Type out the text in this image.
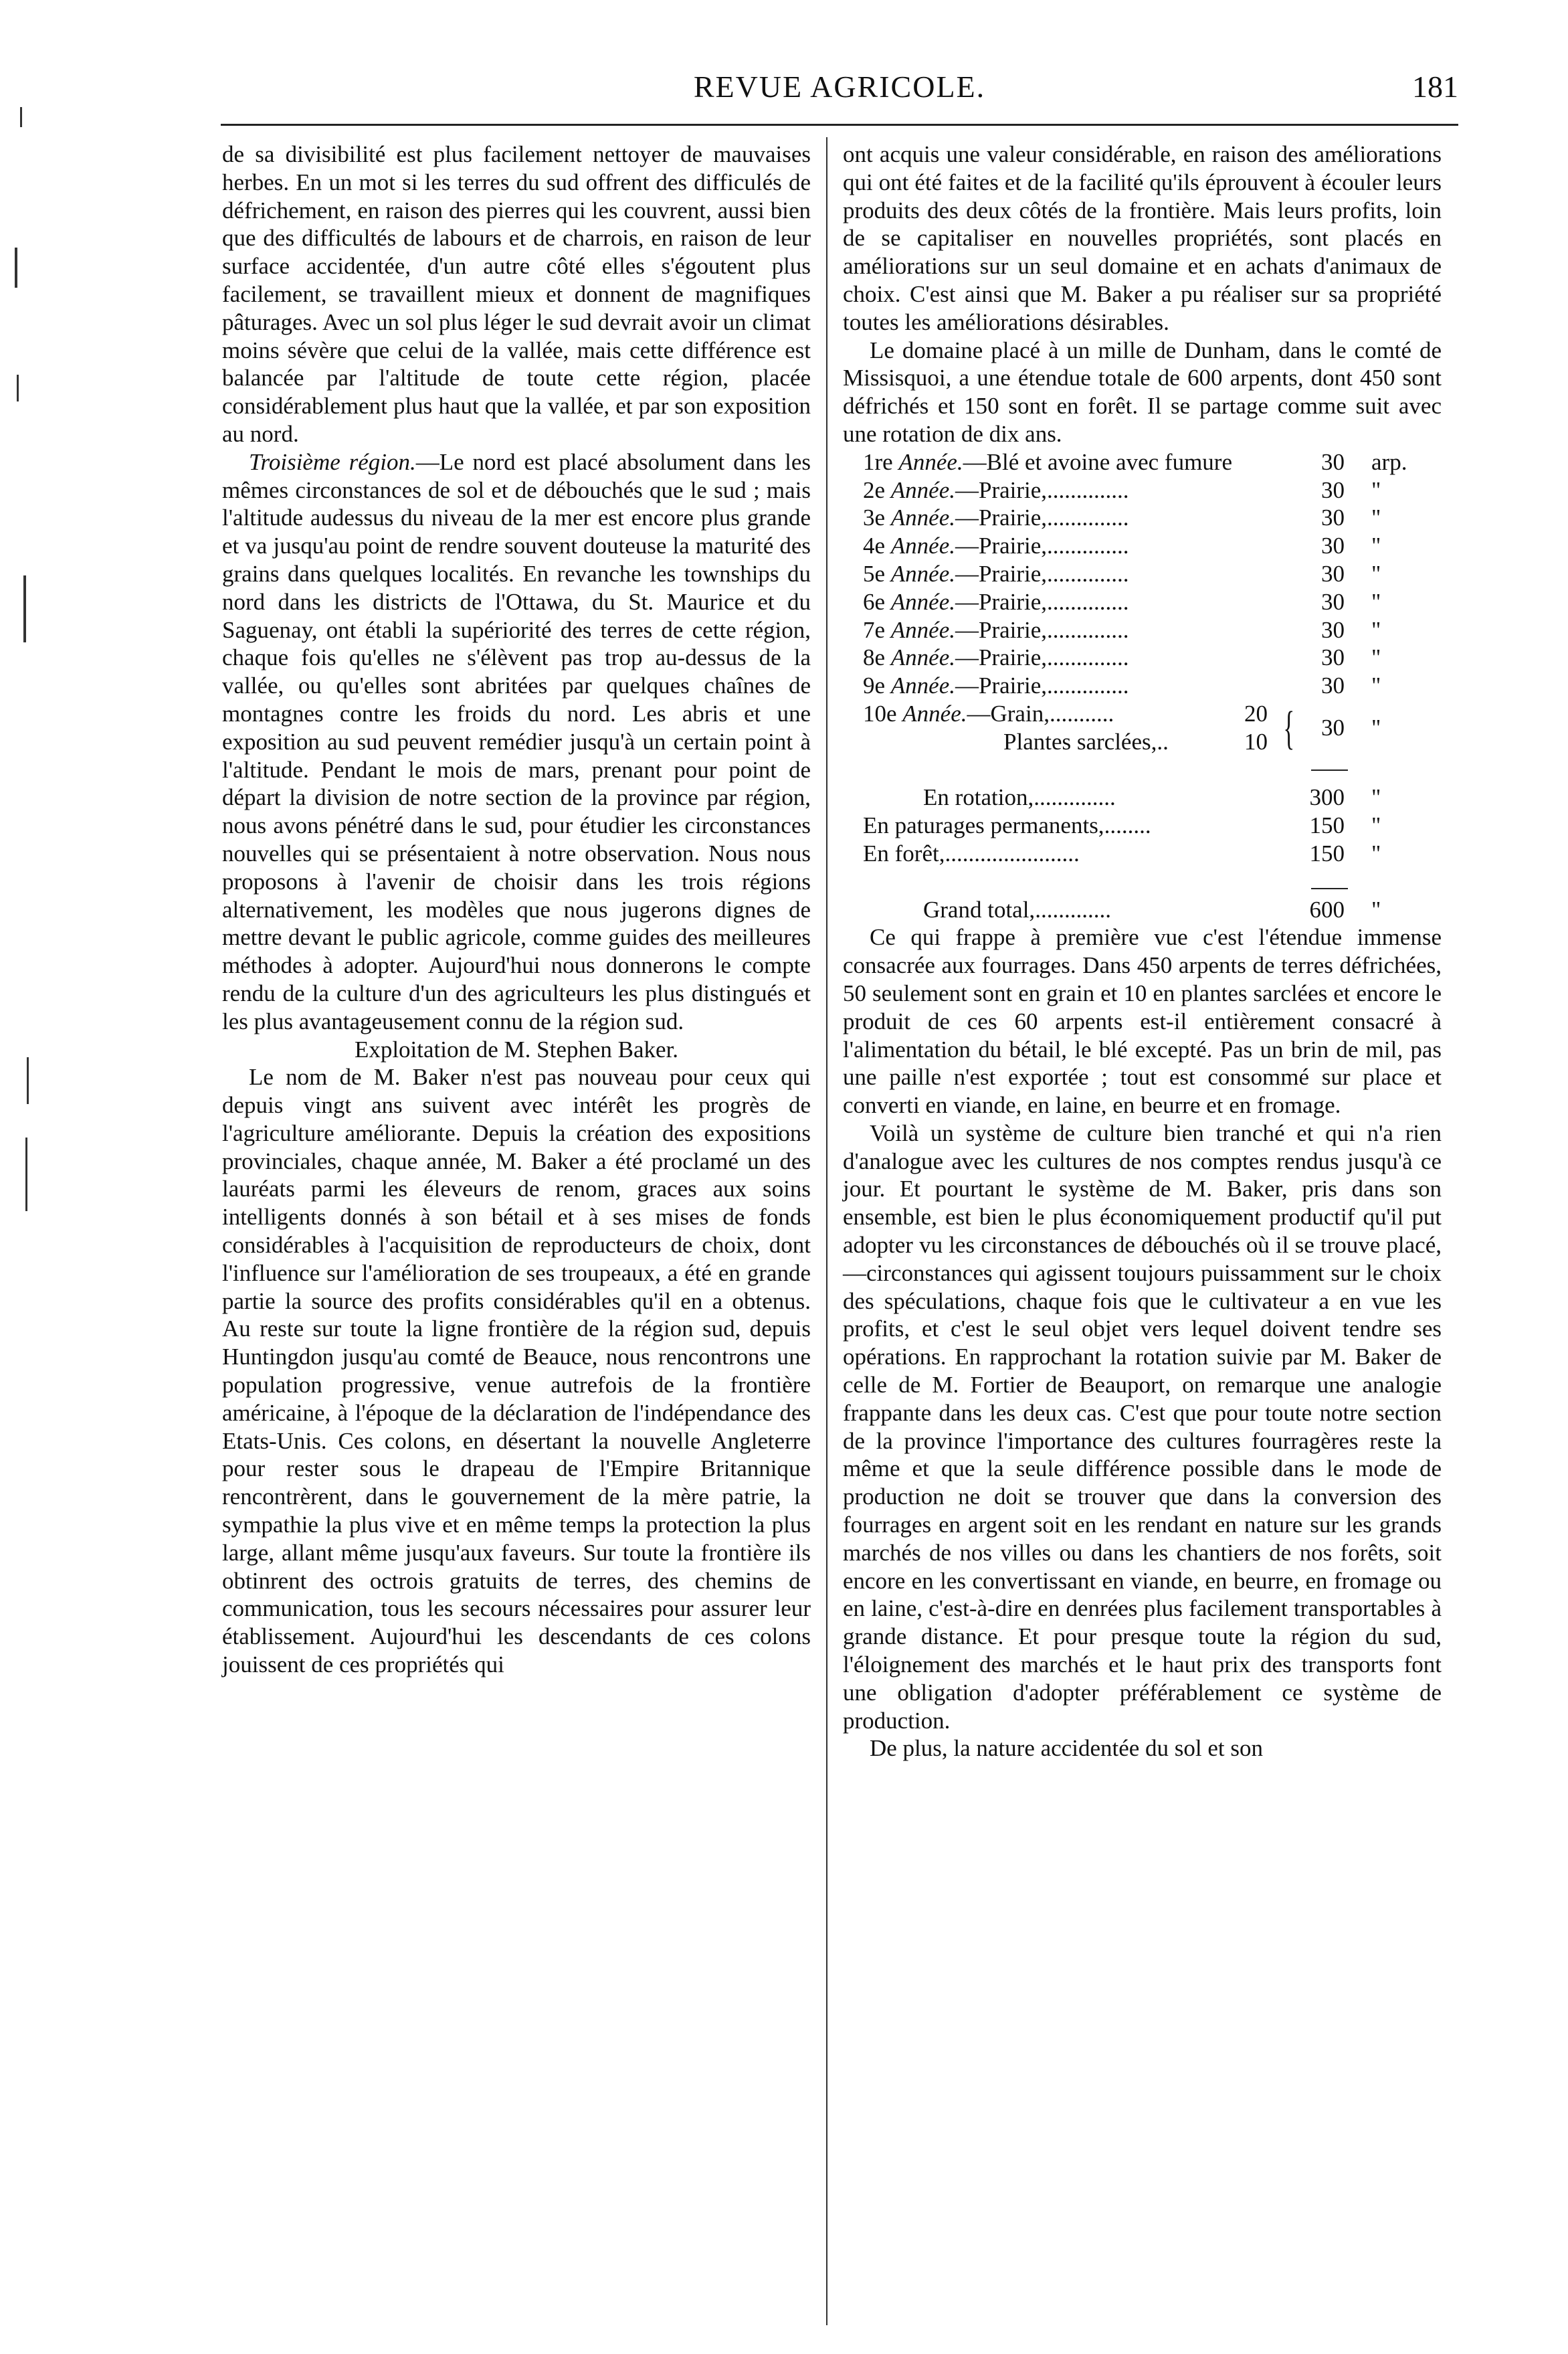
REVUE AGRICOLE.	181

de sa divisibilité est plus facilement nettoyer de mauvaises herbes. En un mot si les terres du sud offrent des difficulés de défrichement, en raison des pierres qui les couvrent, aussi bien que des difficultés de labours et de charrois, en raison de leur surface accidentée, d'un autre côté elles s'égoutent plus facilement, se travaillent mieux et donnent de magnifiques pâturages. Avec un sol plus léger le sud devrait avoir un climat moins sévère que celui de la vallée, mais cette différence est balancée par l'altitude de toute cette région, placée considérablement plus haut que la vallée, et par son exposition au nord.

Troisième région.—Le nord est placé absolument dans les mêmes circonstances de sol et de débouchés que le sud ; mais l'altitude audessus du niveau de la mer est encore plus grande et va jusqu'au point de rendre souvent douteuse la maturité des grains dans quelques localités. En revanche les townships du nord dans les districts de l'Ottawa, du St. Maurice et du Saguenay, ont établi la supériorité des terres de cette région, chaque fois qu'elles ne s'élèvent pas trop au-dessus de la vallée, ou qu'elles sont abritées par quelques chaînes de montagnes contre les froids du nord. Les abris et une exposition au sud peuvent remédier jusqu'à un certain point à l'altitude. Pendant le mois de mars, prenant pour point de départ la division de notre section de la province par région, nous avons pénétré dans le sud, pour étudier les circonstances nouvelles qui se présentaient à notre observation. Nous nous proposons à l'avenir de choisir dans les trois régions alternativement, les modèles que nous jugerons dignes de mettre devant le public agricole, comme guides des meilleures méthodes à adopter. Aujourd'hui nous donnerons le compte rendu de la culture d'un des agriculteurs les plus distingués et les plus avantageusement connu de la région sud.

Exploitation de M. Stephen Baker.

Le nom de M. Baker n'est pas nouveau pour ceux qui depuis vingt ans suivent avec intérêt les progrès de l'agriculture améliorante. Depuis la création des expositions provinciales, chaque année, M. Baker a été proclamé un des lauréats parmi les éleveurs de renom, graces aux soins intelligents donnés à son bétail et à ses mises de fonds considérables à l'acquisition de reproducteurs de choix, dont l'influence sur l'amélioration de ses troupeaux, a été en grande partie la source des profits considérables qu'il en a obtenus. Au reste sur toute la ligne frontière de la région sud, depuis Huntingdon jusqu'au comté de Beauce, nous rencontrons une population progressive, venue autrefois de la frontière américaine, à l'époque de la déclaration de l'indépendance des Etats-Unis. Ces colons, en désertant la nouvelle Angleterre pour rester sous le drapeau de l'Empire Britannique rencontrèrent, dans le gouvernement de la mère patrie, la sympathie la plus vive et en même temps la protection la plus large, allant même jusqu'aux faveurs. Sur toute la frontière ils obtinrent des octrois gratuits de terres, des chemins de communication, tous les secours nécessaires pour assurer leur établissement. Aujourd'hui les descendants de ces colons jouissent de ces propriétés qui

ont acquis une valeur considérable, en raison des améliorations qui ont été faites et de la facilité qu'ils éprouvent à écouler leurs produits des deux côtés de la frontière. Mais leurs profits, loin de se capitaliser en nouvelles propriétés, sont placés en améliorations sur un seul domaine et en achats d'animaux de choix. C'est ainsi que M. Baker a pu réaliser sur sa propriété toutes les améliorations désirables.

Le domaine placé à un mille de Dunham, dans le comté de Missisquoi, a une étendue totale de 600 arpents, dont 450 sont défrichés et 150 sont en forêt. Il se partage comme suit avec une rotation de dix ans.

1re Année.—Blé et avoine avec fumure	30 arp.
2e Année.—Prairie,..............	30 "
3e Année.—Prairie,..............	30 "
4e Année.—Prairie,..............	30 "
5e Année.—Prairie,..............	30 "
6e Année.—Prairie,..............	30 "
7e Année.—Prairie,..............	30 "
8e Année.—Prairie,..............	30 "
9e Année.—Prairie,..............	30 "
10e Année.—Grain,...........	20
Plantes sarclées,..	10 {	30 "
En rotation,..............	300 "
En paturages permanents,........	150 "
En forêt,.......................	150 "
Grand total,.............	600 "

Ce qui frappe à première vue c'est l'étendue immense consacrée aux fourrages. Dans 450 arpents de terres défrichées, 50 seulement sont en grain et 10 en plantes sarclées et encore le produit de ces 60 arpents est-il entièrement consacré à l'alimentation du bétail, le blé excepté. Pas un brin de mil, pas une paille n'est exportée ; tout est consommé sur place et converti en viande, en laine, en beurre et en fromage.

Voilà un système de culture bien tranché et qui n'a rien d'analogue avec les cultures de nos comptes rendus jusqu'à ce jour. Et pourtant le système de M. Baker, pris dans son ensemble, est bien le plus économiquement productif qu'il put adopter vu les circonstances de débouchés où il se trouve placé,—circonstances qui agissent toujours puissamment sur le choix des spéculations, chaque fois que le cultivateur a en vue les profits, et c'est le seul objet vers lequel doivent tendre ses opérations. En rapprochant la rotation suivie par M. Baker de celle de M. Fortier de Beauport, on remarque une analogie frappante dans les deux cas. C'est que pour toute notre section de la province l'importance des cultures fourragères reste la même et que la seule différence possible dans le mode de production ne doit se trouver que dans la conversion des fourrages en argent soit en les rendant en nature sur les grands marchés de nos villes ou dans les chantiers de nos forêts, soit encore en les convertissant en viande, en beurre, en fromage ou en laine, c'est-à-dire en denrées plus facilement transportables à grande distance. Et pour presque toute la région du sud, l'éloignement des marchés et le haut prix des transports font une obligation d'adopter préférablement ce système de production.

De plus, la nature accidentée du sol et son
